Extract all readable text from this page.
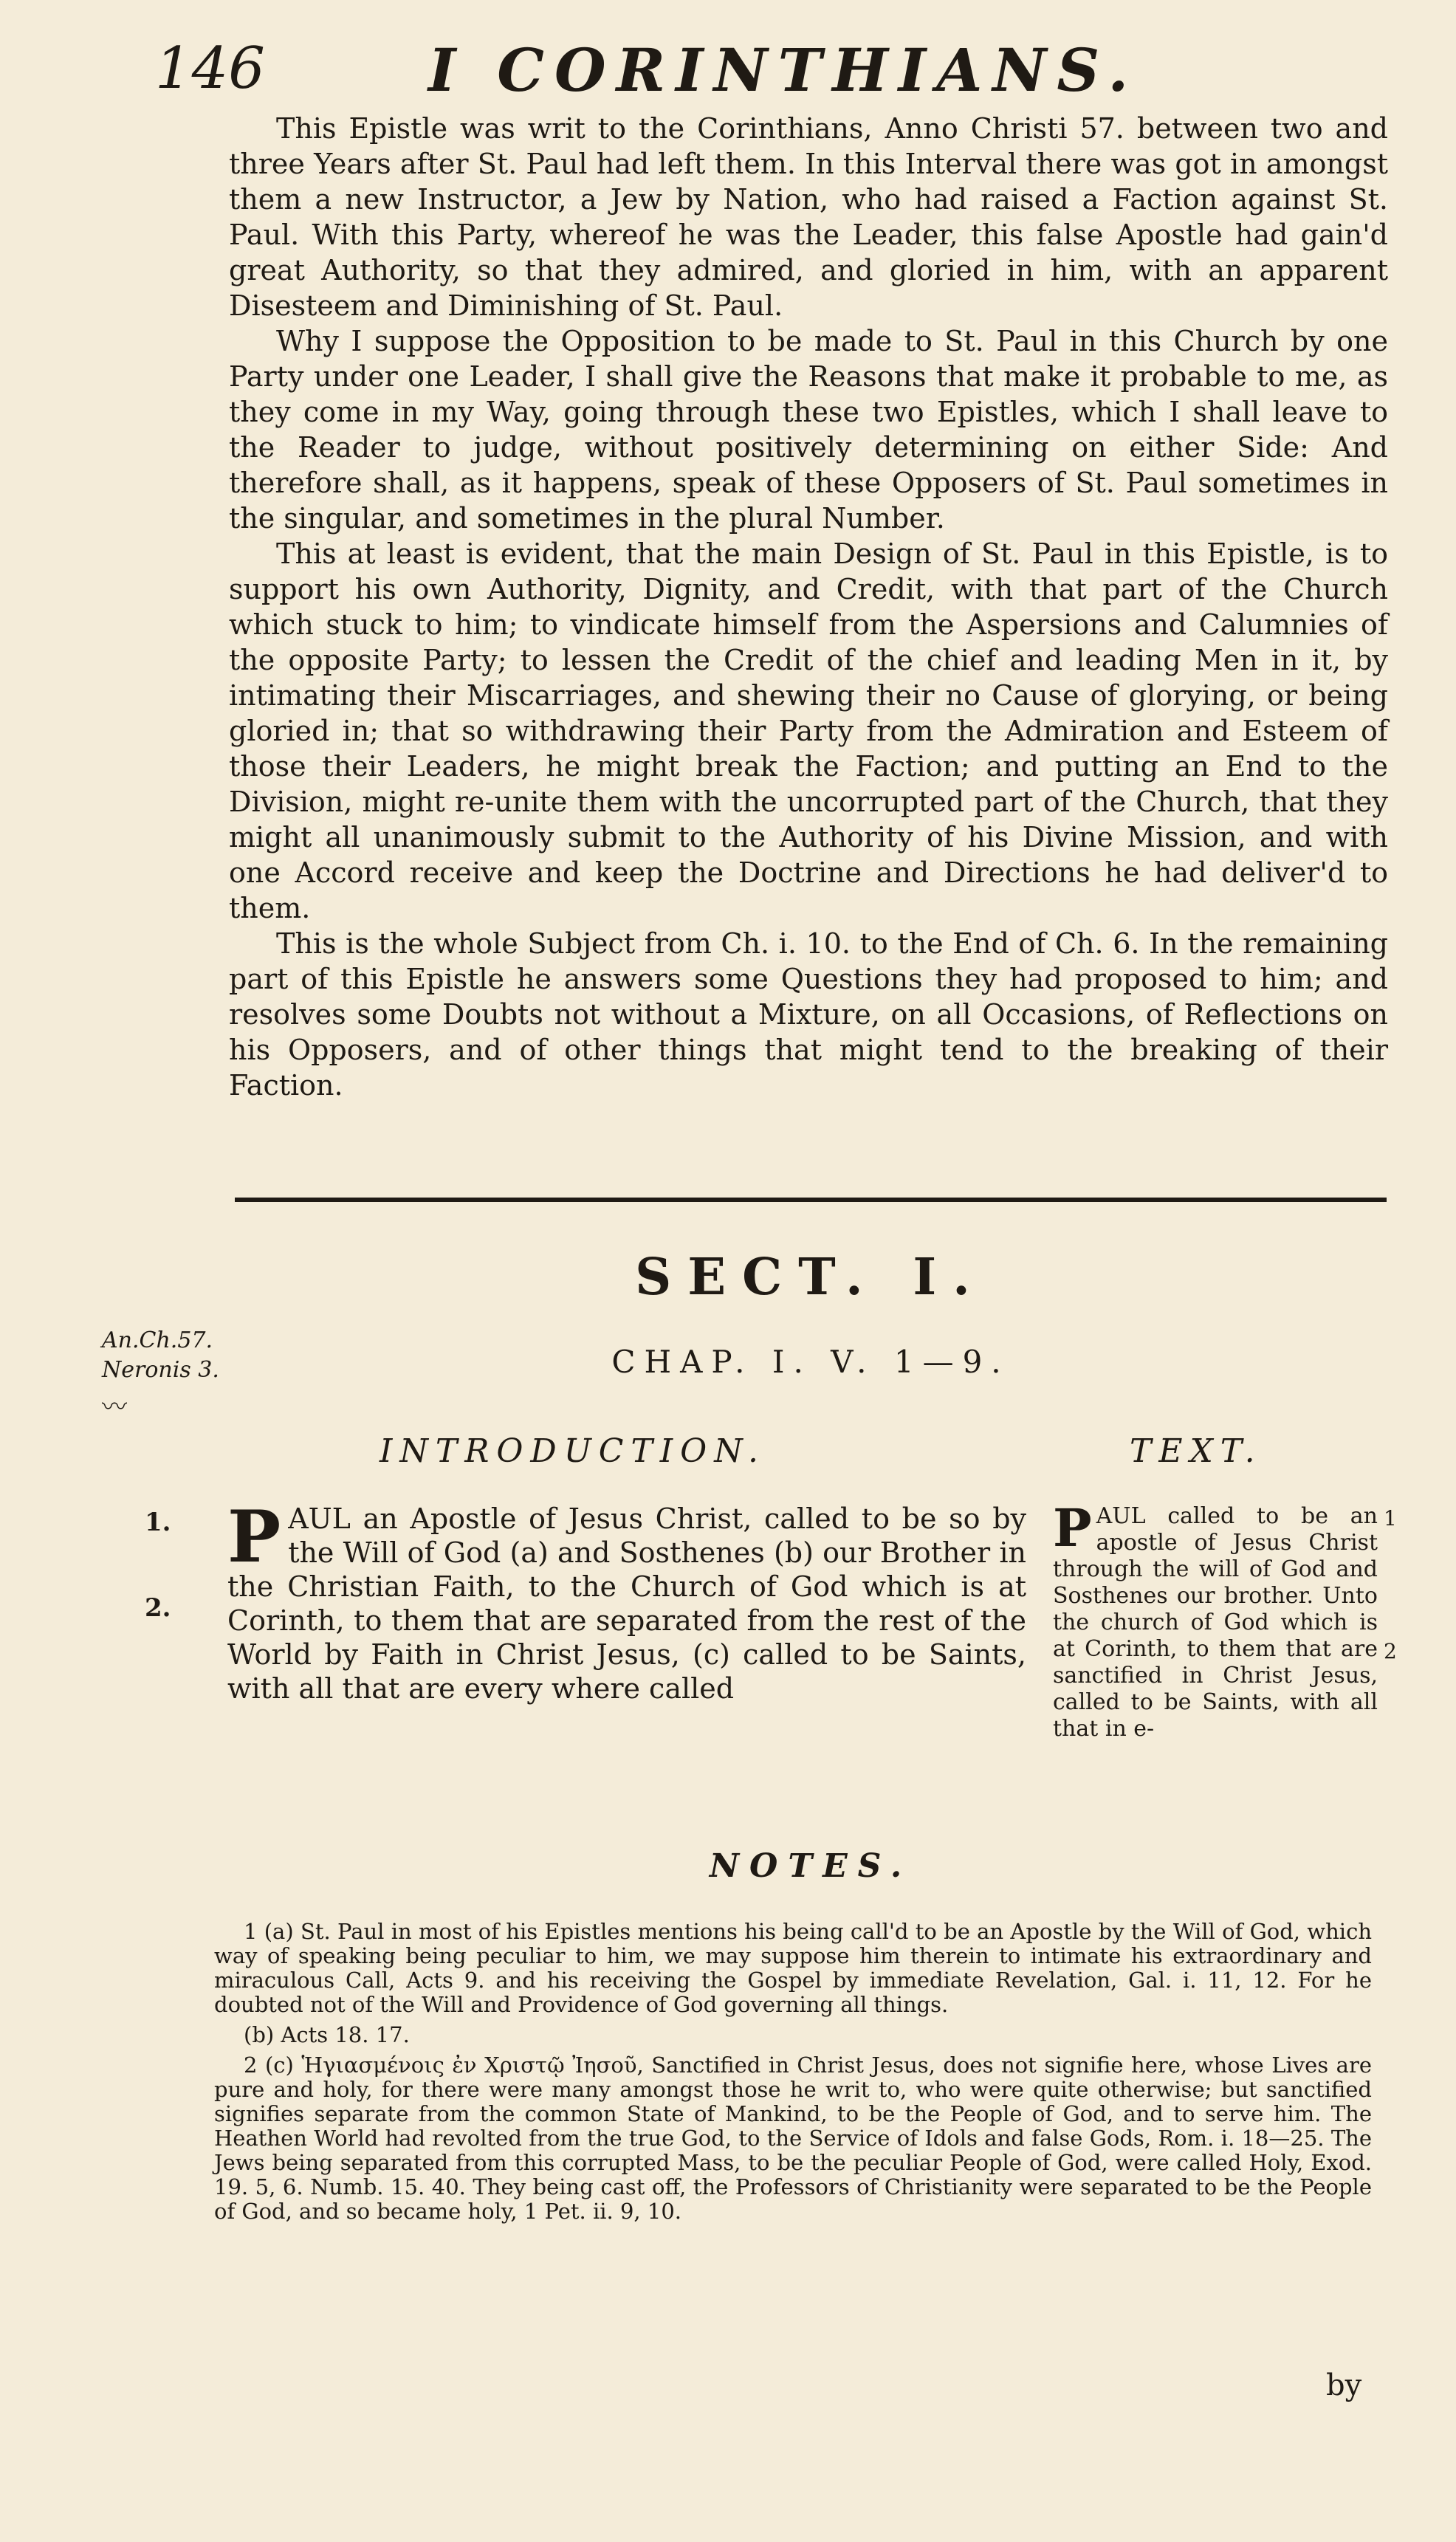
146	I CORINTHIANS.

This Epistle was writ to the Corinthians, Anno Christi 57. between two and three Years after St. Paul had left them. In this Interval there was got in amongst them a new Instructor, a Jew by Nation, who had raised a Faction against St. Paul. With this Party, whereof he was the Leader, this false Apostle had gain'd great Authority, so that they admired, and gloried in him, with an apparent Disesteem and Diminishing of St. Paul.

Why I suppose the Opposition to be made to St. Paul in this Church by one Party under one Leader, I shall give the Reasons that make it probable to me, as they come in my Way, going through these two Epistles, which I shall leave to the Reader to judge, without positively determining on either Side: And therefore shall, as it happens, speak of these Opposers of St. Paul sometimes in the singular, and sometimes in the plural Number.

This at least is evident, that the main Design of St. Paul in this Epistle, is to support his own Authority, Dignity, and Credit, with that part of the Church which stuck to him; to vindicate himself from the Aspersions and Calumnies of the opposite Party; to lessen the Credit of the chief and leading Men in it, by intimating their Miscarriages, and shewing their no Cause of glorying, or being gloried in; that so withdrawing their Party from the Admiration and Esteem of those their Leaders, he might break the Faction; and putting an End to the Division, might re-unite them with the uncorrupted part of the Church, that they might all unanimously submit to the Authority of his Divine Mission, and with one Accord receive and keep the Doctrine and Directions he had deliver'd to them.

This is the whole Subject from Ch. i. 10. to the End of Ch. 6. In the remaining part of this Epistle he answers some Questions they had proposed to him; and resolves some Doubts not without a Mixture, on all Occasions, of Reflections on his Opposers, and of other things that might tend to the breaking of their Faction.

SECT. I.
CHAP. I. V. 1—9.
An.Ch.57.
Neronis 3.
〰
INTRODUCTION.	TEXT.
1.
2.
P AUL an Apostle of Jesus Christ, called to be so by the Will of God (a) and Sosthenes (b) our Brother in the Christian Faith, to the Church of God which is at Corinth, to them that are separated from the rest of the World by Faith in Christ Jesus, (c) called to be Saints, with all that are every where called
P AUL called to be an apostle of Jesus Christ through the will of God and Sosthenes our brother. Unto the church of God which is at Corinth, to them that are sanctified in Christ Jesus, called to be Saints, with all that in e-
1
2
NOTES.

1 (a) St. Paul in most of his Epistles mentions his being call'd to be an Apostle by the Will of God, which way of speaking being peculiar to him, we may suppose him therein to intimate his extraordinary and miraculous Call, Acts 9. and his receiving the Gospel by immediate Revelation, Gal. i. 11, 12. For he doubted not of the Will and Providence of God governing all things.

(b) Acts 18. 17.

2 (c) Ἡγιασμένοις ἐν Χριστῷ Ἰησοῦ, Sanctified in Christ Jesus, does not signifie here, whose Lives are pure and holy, for there were many amongst those he writ to, who were quite otherwise; but sanctified signifies separate from the common State of Mankind, to be the People of God, and to serve him. The Heathen World had revolted from the true God, to the Service of Idols and false Gods, Rom. i. 18—25. The Jews being separated from this corrupted Mass, to be the peculiar People of God, were called Holy, Exod. 19. 5, 6. Numb. 15. 40. They being cast off, the Professors of Christianity were separated to be the People of God, and so became holy, 1 Pet. ii. 9, 10.

by
